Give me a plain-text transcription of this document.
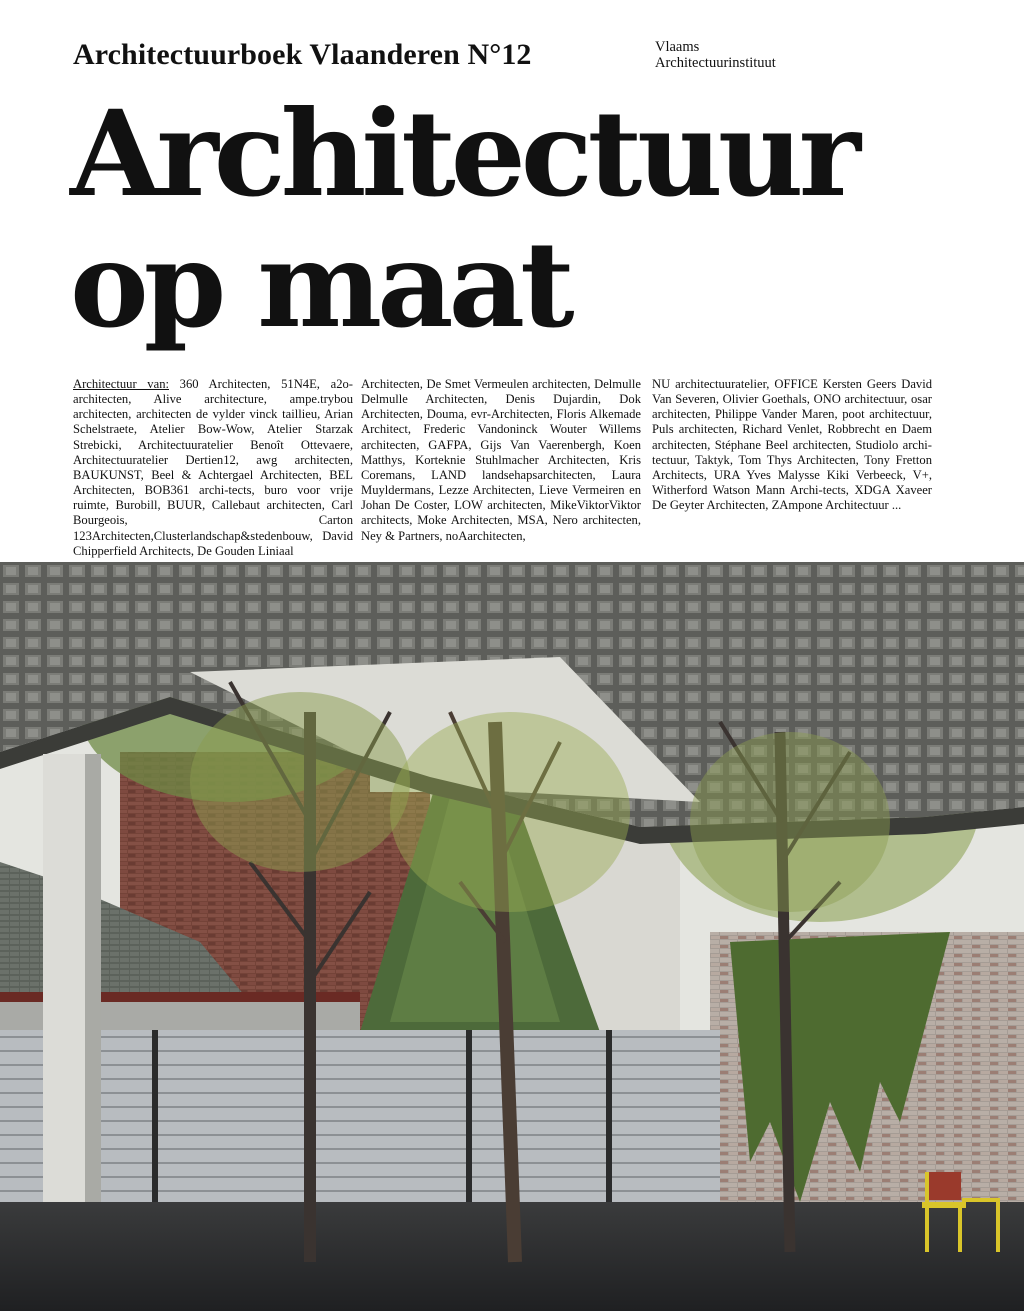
Architectuurboek Vlaanderen N°12	Vlaams
Architectuurinstituut
Architectuur
op maat
Architectuur van: 360 Architecten, 51N4E, a2o-architecten, Alive architecture, ampe.trybou architecten, architecten de vylder vinck taillieu, Arian Schelstraete, Atelier Bow-Wow, Atelier Starzak Strebicki, Architectuuratelier Benoît Ottevaere, Architectuuratelier Dertien12, awg architecten, BAUKUNST, Beel & Achtergael Architecten, BEL Architecten, BOB361 archi-tects, buro voor vrije ruimte, Burobill, BUUR, Callebaut architecten, Carl Bourgeois, Carton 123Architecten,Clusterlandschap&stedenbouw, David Chipperfield Architects, De Gouden Liniaal
Architecten, De Smet Vermeulen architecten, Delmulle Delmulle Architecten, Denis Dujardin, Dok Architecten, Douma, evr-Architecten, Floris Alkemade Architect, Frederic Vandoninck Wouter Willems architecten, GAFPA, Gijs Van Vaerenbergh, Koen Matthys, Korteknie Stuhlmacher Architecten, Kris Coremans, LAND landsehapsarchitecten, Laura Muyldermans, Lezze Architecten, Lieve Vermeiren en Johan De Coster, LOW architecten, MikeViktorViktor architects, Moke Architecten, MSA, Nero architecten, Ney & Partners, noAarchitecten,
NU architectuuratelier, OFFICE Kersten Geers David Van Severen, Olivier Goethals, ONO architectuur, osar architecten, Philippe Vander Maren, poot architectuur, Puls architecten, Richard Venlet, Robbrecht en Daem architecten, Stéphane Beel architecten, Studiolo archi-tectuur, Taktyk, Tom Thys Architecten, Tony Fretton Architects, URA Yves Malysse Kiki Verbeeck, V+, Witherford Watson Mann Archi-tects, XDGA Xaveer De Geyter Architecten, ZAmpone Architectuur ...
